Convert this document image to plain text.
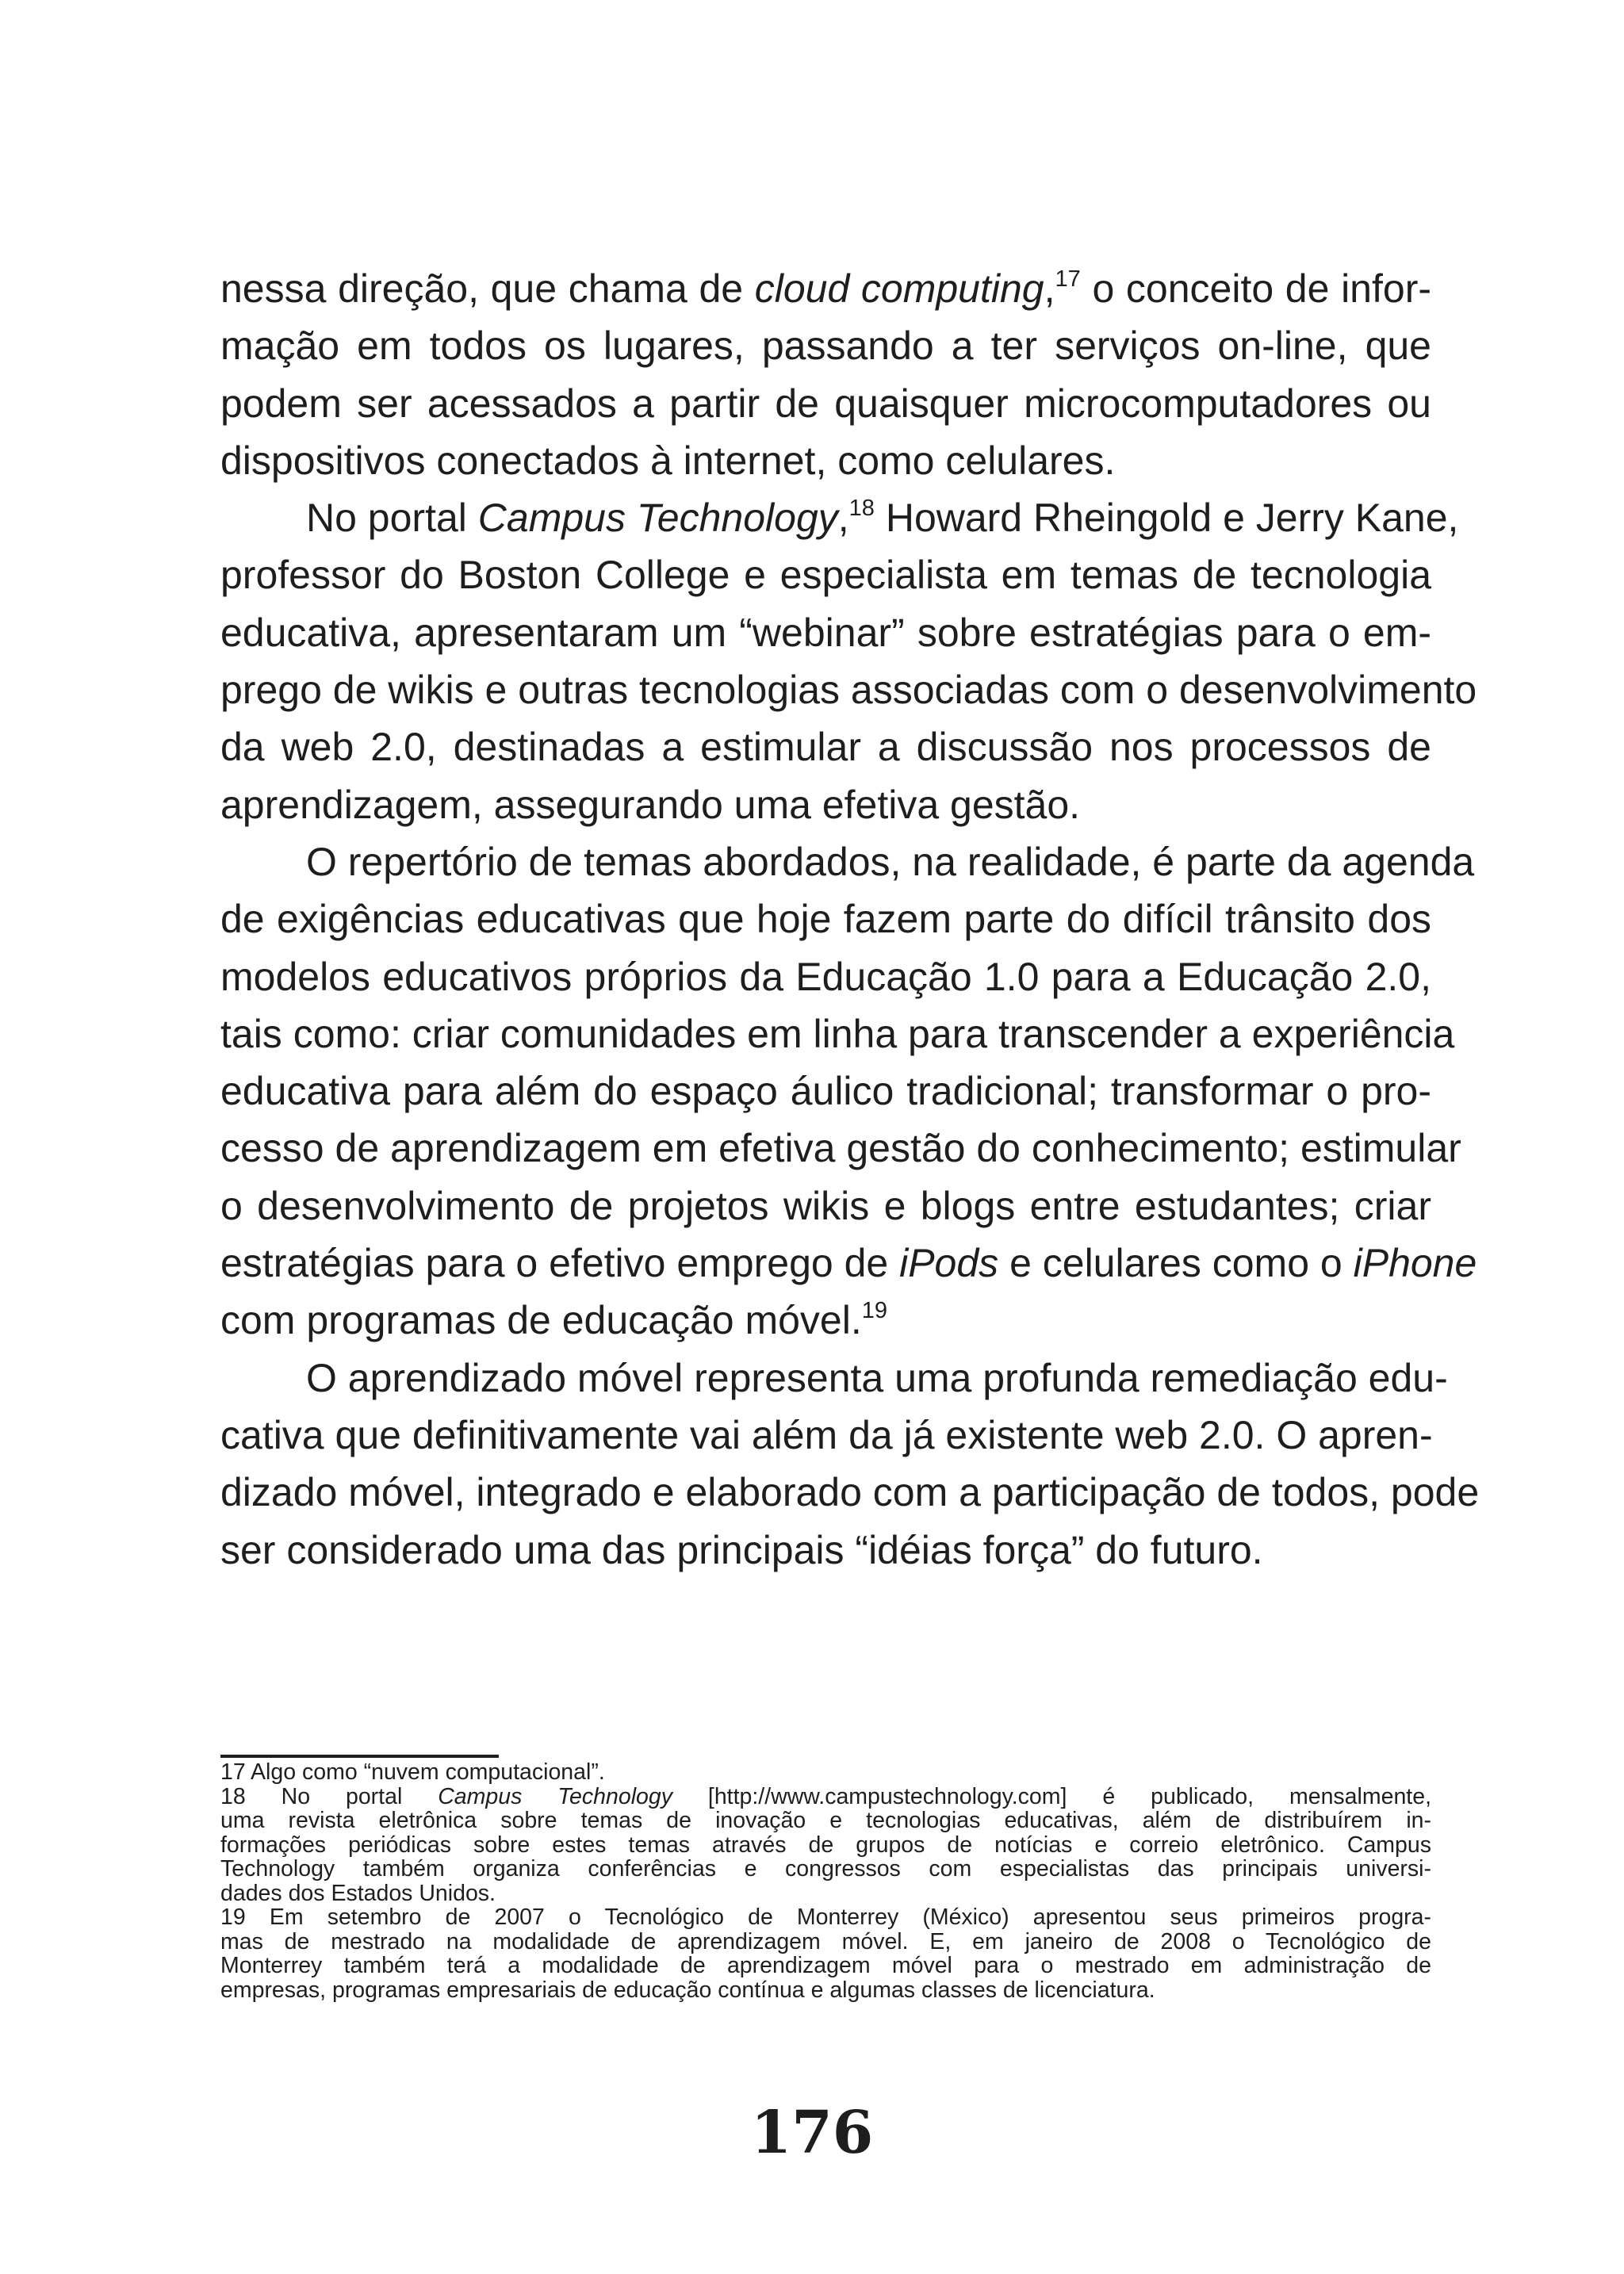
nessa direção, que chama de cloud computing,$^{17}$ o conceito de infor-
mação em todos os lugares, passando a ter serviços on-line, que
podem ser acessados a partir de quaisquer microcomputadores ou
dispositivos conectados à internet, como celulares.
No portal Campus Technology,$^{18}$ Howard Rheingold e Jerry Kane,
professor do Boston College e especialista em temas de tecnologia
educativa, apresentaram um “webinar” sobre estratégias para o em-
prego de wikis e outras tecnologias associadas com o desenvolvimento
da web 2.0, destinadas a estimular a discussão nos processos de
aprendizagem, assegurando uma efetiva gestão.
O repertório de temas abordados, na realidade, é parte da agenda
de exigências educativas que hoje fazem parte do difícil trânsito dos
modelos educativos próprios da Educação 1.0 para a Educação 2.0,
tais como: criar comunidades em linha para transcender a experiência
educativa para além do espaço áulico tradicional; transformar o pro-
cesso de aprendizagem em efetiva gestão do conhecimento; estimular
o desenvolvimento de projetos wikis e blogs entre estudantes; criar
estratégias para o efetivo emprego de iPods e celulares como o iPhone
com programas de educação móvel.$^{19}$
O aprendizado móvel representa uma profunda remediação edu-
cativa que definitivamente vai além da já existente web 2.0. O apren-
dizado móvel, integrado e elaborado com a participação de todos, pode
ser considerado uma das principais “idéias força” do futuro.
17 Algo como “nuvem computacional”.
18 No portal Campus Technology [http://www.campustechnology.com] é publicado, mensalmente,
uma revista eletrônica sobre temas de inovação e tecnologias educativas, além de distribuírem in-
formações periódicas sobre estes temas através de grupos de notícias e correio eletrônico. Campus
Technology também organiza conferências e congressos com especialistas das principais universi-
dades dos Estados Unidos.
19 Em setembro de 2007 o Tecnológico de Monterrey (México) apresentou seus primeiros progra-
mas de mestrado na modalidade de aprendizagem móvel. E, em janeiro de 2008 o Tecnológico de
Monterrey também terá a modalidade de aprendizagem móvel para o mestrado em administração de
empresas, programas empresariais de educação contínua e algumas classes de licenciatura.
176
